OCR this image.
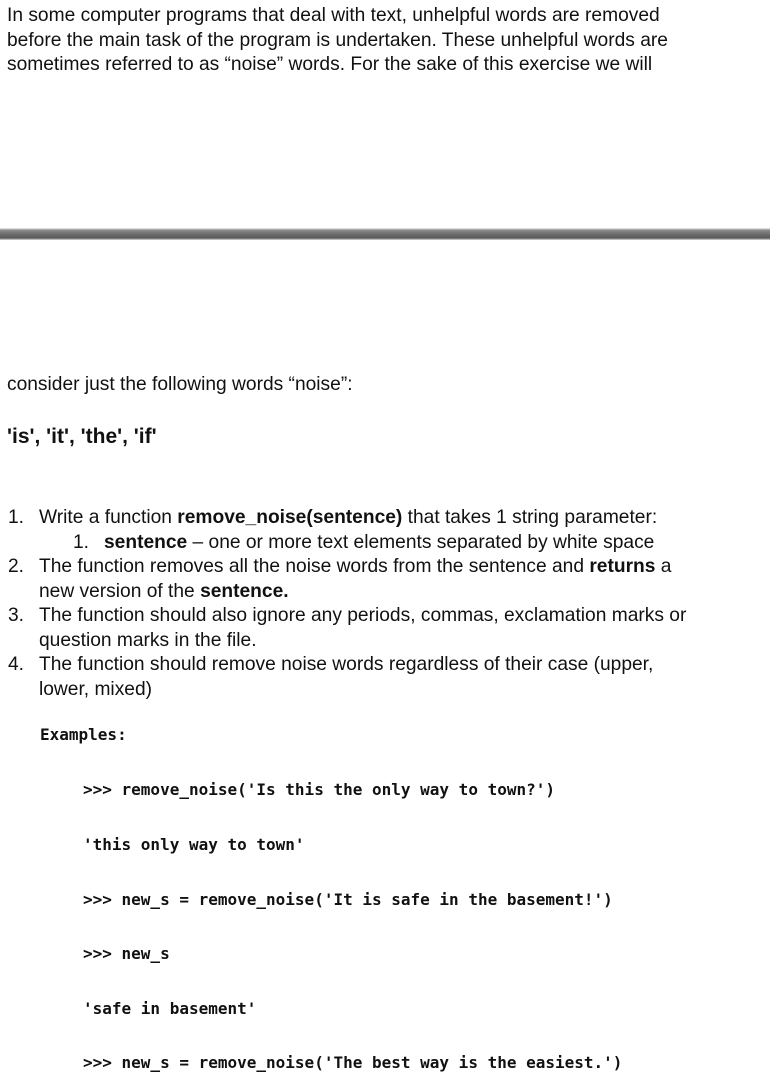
In some computer programs that deal with text, unhelpful words are removed
before the main task of the program is undertaken. These unhelpful words are
sometimes referred to as “noise” words. For the sake of this exercise we will

consider just the following words “noise”:

'is', 'it', 'the', 'if'

1. Write a function remove_noise(sentence) that takes 1 string parameter:
1. sentence – one or more text elements separated by white space
2. The function removes all the noise words from the sentence and returns a
new version of the sentence.
3. The function should also ignore any periods, commas, exclamation marks or
question marks in the file.
4. The function should remove noise words regardless of their case (upper,
lower, mixed)
Examples:

>>> remove_noise('Is this the only way to town?')

'this only way to town'

>>> new_s = remove_noise('It is safe in the basement!')

>>> new_s

'safe in basement'

>>> new_s = remove_noise('The best way is the easiest.')
